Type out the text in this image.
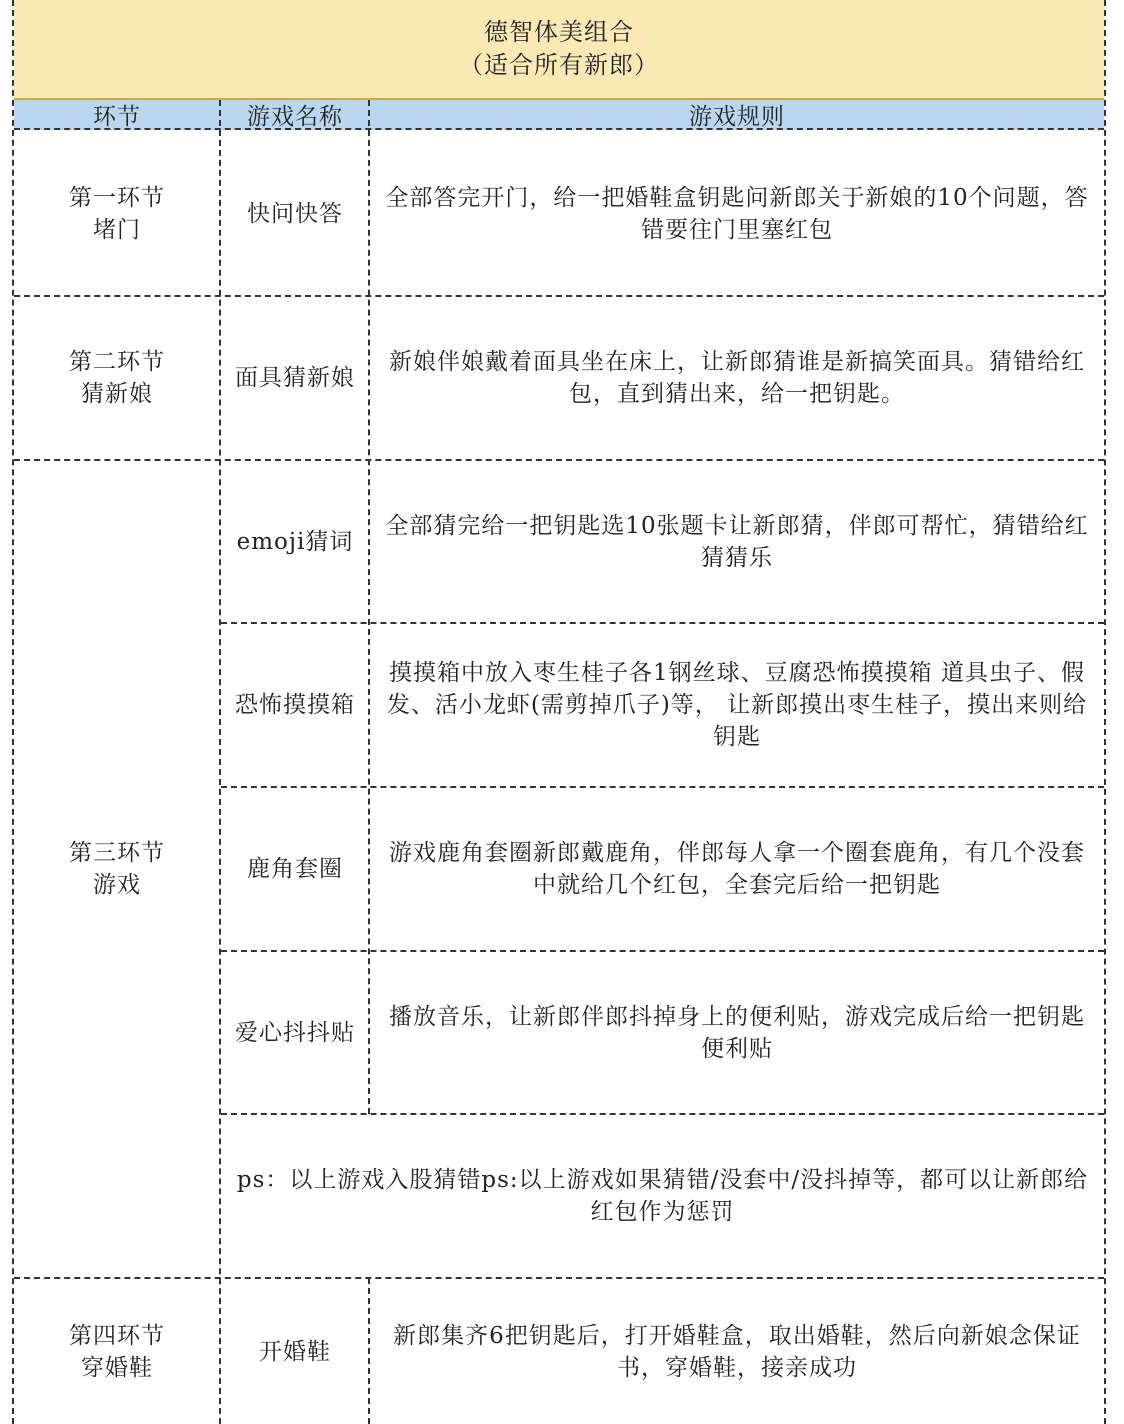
德智体美组合
（适合所有新郎）
环节	游戏名称	游戏规则
第一环节
堵门
快问快答
全部答完开门，给一把婚鞋盒钥匙问新郎关于新娘的10个问题，答错要往门里塞红包
第二环节
猜新娘
面具猜新娘
新娘伴娘戴着面具坐在床上，让新郎猜谁是新搞笑面具。猜错给红包，直到猜出来，给一把钥匙。
第三环节
游戏
emoji猜词
全部猜完给一把钥匙选10张题卡让新郎猜，伴郎可帮忙，猜错给红猜猜乐
恐怖摸摸箱
摸摸箱中放入枣生桂子各1钢丝球、豆腐恐怖摸摸箱 道具虫子、假发、活小龙虾(需剪掉爪子)等， 让新郎摸出枣生桂子，摸出来则给钥匙
鹿角套圈
游戏鹿角套圈新郎戴鹿角，伴郎每人拿一个圈套鹿角，有几个没套中就给几个红包，全套完后给一把钥匙
爱心抖抖贴
播放音乐，让新郎伴郎抖掉身上的便利贴，游戏完成后给一把钥匙 便利贴
ps：以上游戏入股猜错ps:以上游戏如果猜错/没套中/没抖掉等，都可以让新郎给红包作为惩罚
第四环节
穿婚鞋
开婚鞋
新郎集齐6把钥匙后，打开婚鞋盒，取出婚鞋，然后向新娘念保证书，穿婚鞋，接亲成功
